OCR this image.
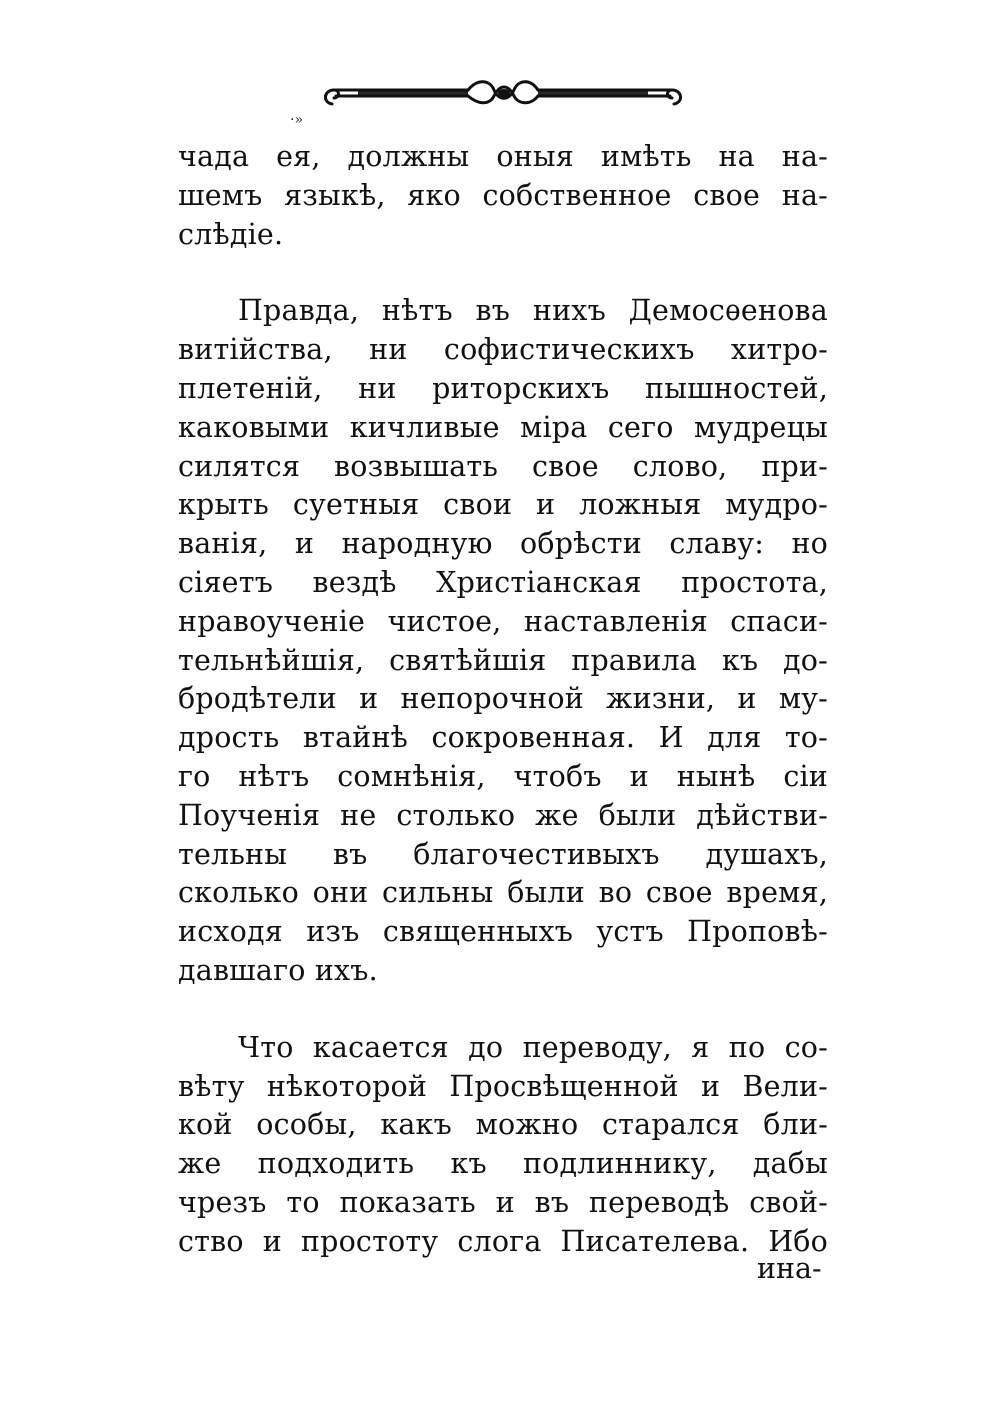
·»
чада ея, должны оныя имѣть на на-
шемъ языкѣ, яко собственное свое на-
слѣдіе.
Правда, нѣтъ въ нихъ Демосѳенова
витійства, ни софистическихъ хитро-
плетеній, ни риторскихъ пышностей,
каковыми кичливые міра сего мудрецы
силятся возвышать свое слово, при-
крыть суетныя свои и ложныя мудро-
ванія, и народную обрѣсти славу: но
сіяетъ вездѣ Христіанская простота,
нравоученіе чистое, наставленія спаси-
тельнѣйшія, святѣйшія правила къ до-
бродѣтели и непорочной жизни, и му-
дрость втайнѣ сокровенная. И для то-
го нѣтъ сомнѣнія, чтобъ и нынѣ сіи
Поученія не столько же были дѣйстви-
тельны въ благочестивыхъ душахъ,
сколько они сильны были во свое время,
исходя изъ священныхъ устъ Проповѣ-
давшаго ихъ.
Что касается до переводу, я по со-
вѣту нѣкоторой Просвѣщенной и Вели-
кой особы, какъ можно старался бли-
же подходить къ подлиннику, дабы
чрезъ то показать и въ переводѣ свой-
ство и простоту слога Писателева. Ибо
ина-
